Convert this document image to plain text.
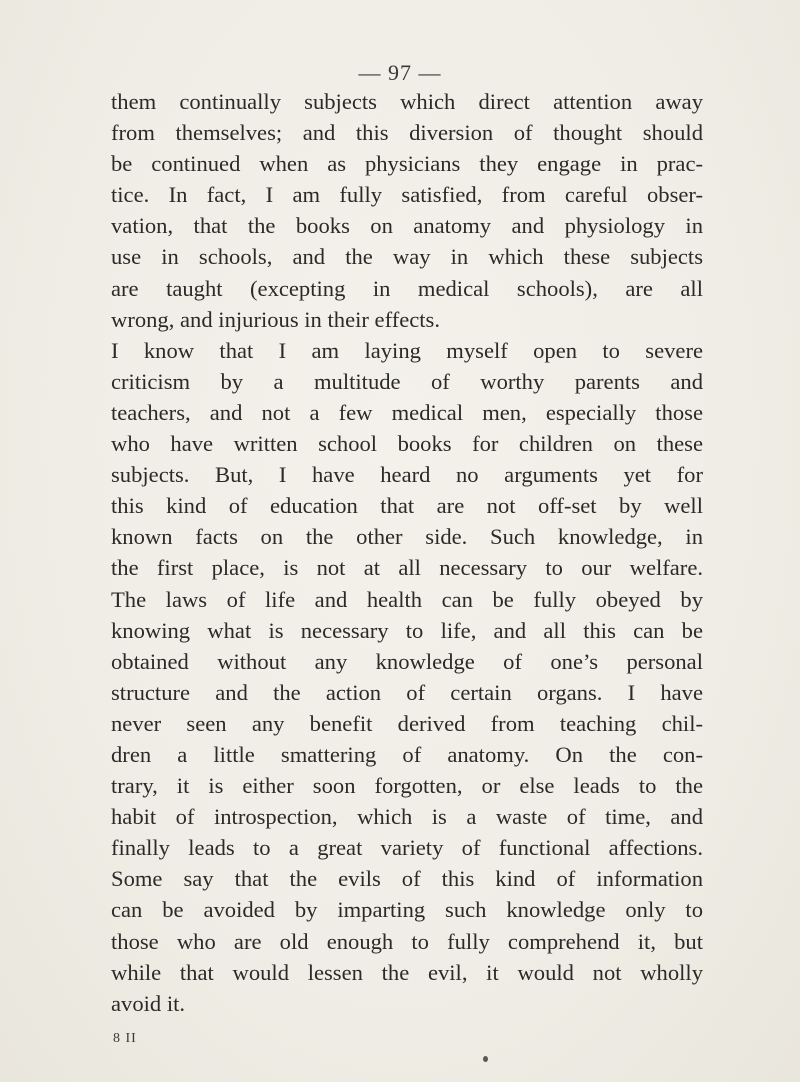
— 97 —
them continually subjects which direct attention away
from themselves; and this diversion of thought should
be continued when as physicians they engage in prac-
tice. In fact, I am fully satisfied, from careful obser-
vation, that the books on anatomy and physiology in
use in schools, and the way in which these subjects
are taught (excepting in medical schools), are all
wrong, and injurious in their effects.
I know that I am laying myself open to severe
criticism by a multitude of worthy parents and
teachers, and not a few medical men, especially those
who have written school books for children on these
subjects. But, I have heard no arguments yet for
this kind of education that are not off-set by well
known facts on the other side. Such knowledge, in
the first place, is not at all necessary to our welfare.
The laws of life and health can be fully obeyed by
knowing what is necessary to life, and all this can be
obtained without any knowledge of one’s personal
structure and the action of certain organs. I have
never seen any benefit derived from teaching chil-
dren a little smattering of anatomy. On the con-
trary, it is either soon forgotten, or else leads to the
habit of introspection, which is a waste of time, and
finally leads to a great variety of functional affections.
Some say that the evils of this kind of information
can be avoided by imparting such knowledge only to
those who are old enough to fully comprehend it, but
while that would lessen the evil, it would not wholly
avoid it.
8 II
